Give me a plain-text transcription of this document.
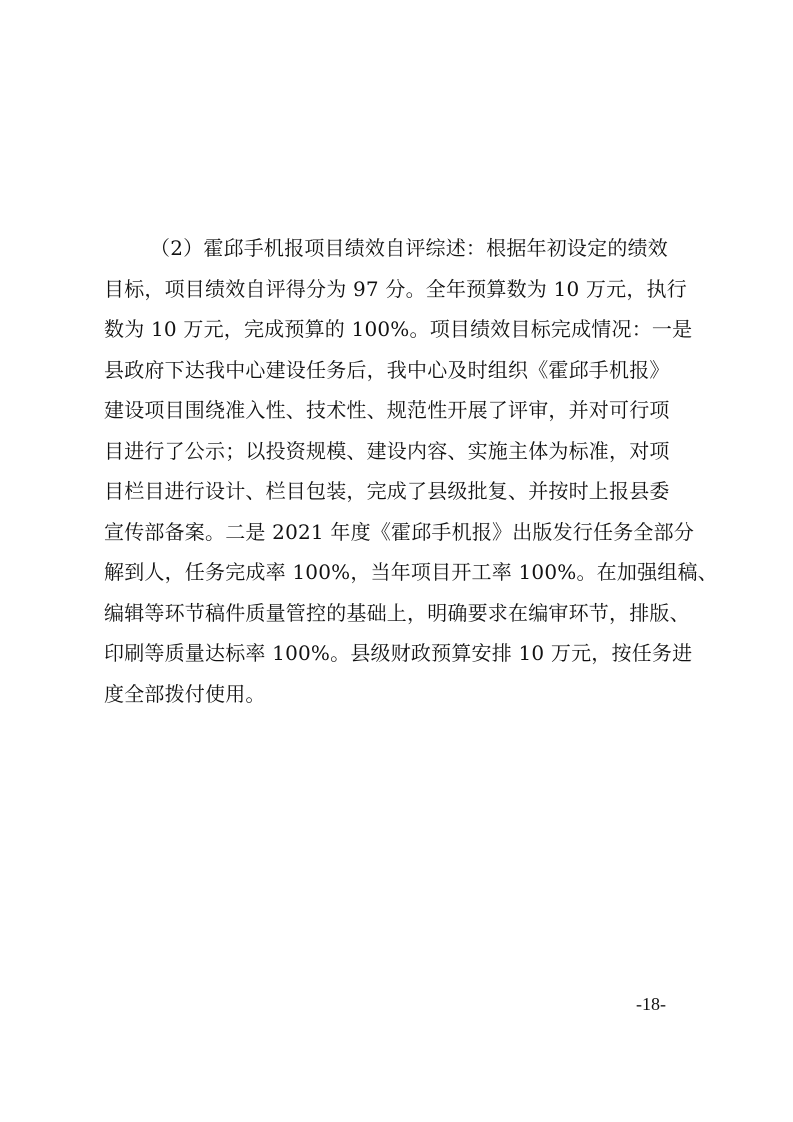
（2）霍邱手机报项目绩效自评综述：根据年初设定的绩效
目标，项目绩效自评得分为 97 分。全年预算数为 10 万元，执行
数为 10 万元，完成预算的 100%。项目绩效目标完成情况：一是
县政府下达我中心建设任务后，我中心及时组织《霍邱手机报》
建设项目围绕准入性、技术性、规范性开展了评审，并对可行项
目进行了公示；以投资规模、建设内容、实施主体为标准，对项
目栏目进行设计、栏目包装，完成了县级批复、并按时上报县委
宣传部备案。二是 2021 年度《霍邱手机报》出版发行任务全部分
解到人，任务完成率 100%，当年项目开工率 100%。在加强组稿、
编辑等环节稿件质量管控的基础上，明确要求在编审环节，排版、
印刷等质量达标率 100%。县级财政预算安排 10 万元，按任务进
度全部拨付使用。
-18-
